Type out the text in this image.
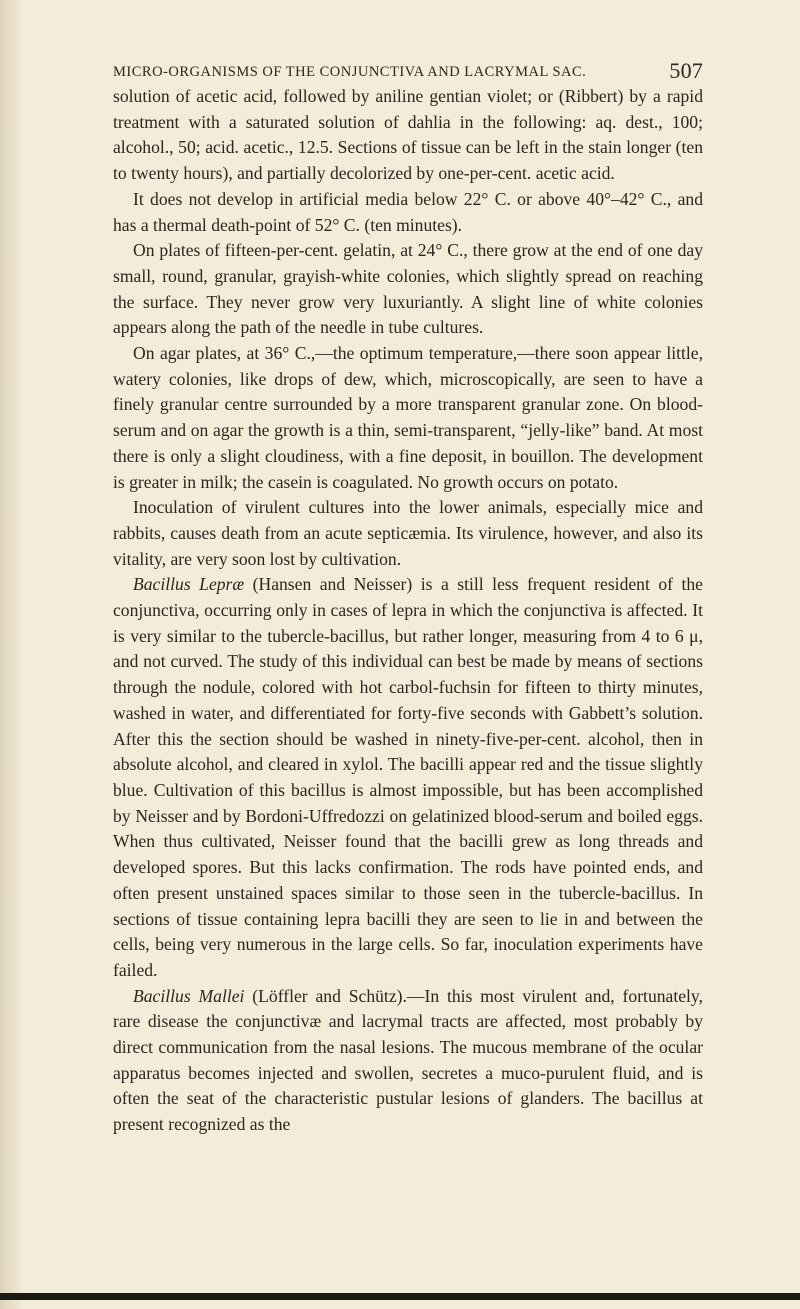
MICRO-ORGANISMS OF THE CONJUNCTIVA AND LACRYMAL SAC.	507

solution of acetic acid, followed by aniline gentian violet; or (Ribbert) by a rapid treatment with a saturated solution of dahlia in the following: aq. dest., 100; alcohol., 50; acid. acetic., 12.5. Sections of tissue can be left in the stain longer (ten to twenty hours), and partially decolorized by one-per-cent. acetic acid.

It does not develop in artificial media below 22° C. or above 40°–42° C., and has a thermal death-point of 52° C. (ten minutes).

On plates of fifteen-per-cent. gelatin, at 24° C., there grow at the end of one day small, round, granular, grayish-white colonies, which slightly spread on reaching the surface. They never grow very luxuriantly. A slight line of white colonies appears along the path of the needle in tube cultures.

On agar plates, at 36° C.,—the optimum temperature,—there soon appear little, watery colonies, like drops of dew, which, microscopically, are seen to have a finely granular centre surrounded by a more transparent granular zone. On blood-serum and on agar the growth is a thin, semi-transparent, “jelly-like” band. At most there is only a slight cloudiness, with a fine deposit, in bouillon. The development is greater in milk; the casein is coagulated. No growth occurs on potato.

Inoculation of virulent cultures into the lower animals, especially mice and rabbits, causes death from an acute septicæmia. Its virulence, however, and also its vitality, are very soon lost by cultivation.

Bacillus Lepræ (Hansen and Neisser) is a still less frequent resident of the conjunctiva, occurring only in cases of lepra in which the conjunctiva is affected. It is very similar to the tubercle-bacillus, but rather longer, measuring from 4 to 6 μ, and not curved. The study of this individual can best be made by means of sections through the nodule, colored with hot carbol-fuchsin for fifteen to thirty minutes, washed in water, and differentiated for forty-five seconds with Gabbett’s solution. After this the section should be washed in ninety-five-per-cent. alcohol, then in absolute alcohol, and cleared in xylol. The bacilli appear red and the tissue slightly blue. Cultivation of this bacillus is almost impossible, but has been accomplished by Neisser and by Bordoni-Uffredozzi on gelatinized blood-serum and boiled eggs. When thus cultivated, Neisser found that the bacilli grew as long threads and developed spores. But this lacks confirmation. The rods have pointed ends, and often present unstained spaces similar to those seen in the tubercle-bacillus. In sections of tissue containing lepra bacilli they are seen to lie in and between the cells, being very numerous in the large cells. So far, inoculation experiments have failed.

Bacillus Mallei (Löffler and Schütz).—In this most virulent and, fortunately, rare disease the conjunctivæ and lacrymal tracts are affected, most probably by direct communication from the nasal lesions. The mucous membrane of the ocular apparatus becomes injected and swollen, secretes a muco-purulent fluid, and is often the seat of the characteristic pustular lesions of glanders. The bacillus at present recognized as the
